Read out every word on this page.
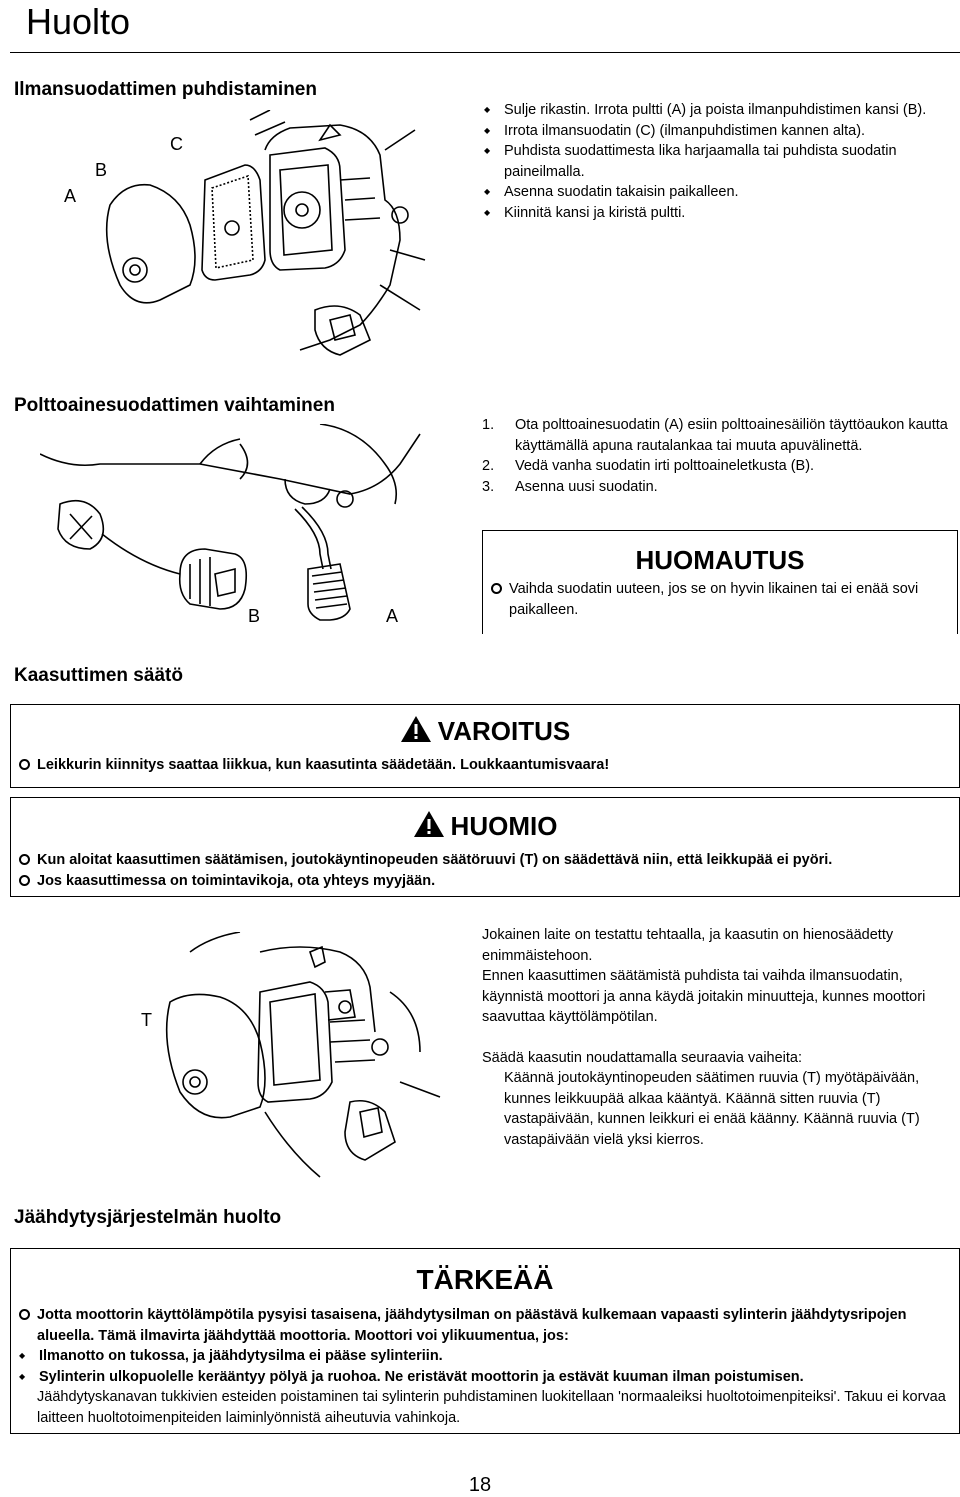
Huolto
Ilmansuodattimen puhdistaminen
A
B
C
◆ Sulje rikastin. Irrota pultti (A) ja poista ilmanpuhdistimen kansi (B).
◆ Irrota ilmansuodatin (C) (ilmanpuhdistimen kannen alta).
◆ Puhdista suodattimesta lika harjaamalla tai puhdista suodatin paineilmalla.
◆ Asenna suodatin takaisin paikalleen.
◆ Kiinnitä kansi ja kiristä pultti.
Polttoainesuodattimen vaihtaminen
B	A
1. Ota polttoainesuodatin (A) esiin polttoainesäiliön täyttöaukon kautta käyttämällä apuna rautalankaa tai muuta apuvälinettä.
2. Vedä vanha suodatin irti polttoaineletkusta (B).
3. Asenna uusi suodatin.
HUOMAUTUS
Vaihda suodatin uuteen, jos se on hyvin likainen tai ei enää sovi paikalleen.
Kaasuttimen säätö
VAROITUS
Leikkurin kiinnitys saattaa liikkua, kun kaasutinta säädetään. Loukkaantumisvaara!
HUOMIO
Kun aloitat kaasuttimen säätämisen, joutokäyntinopeuden säätöruuvi (T) on säädettävä niin, että leikkupää ei pyöri.
Jos kaasuttimessa on toimintavikoja, ota yhteys myyjään.
T
Jokainen laite on testattu tehtaalla, ja kaasutin on hienosäädetty enimmäistehoon.
Ennen kaasuttimen säätämistä puhdista tai vaihda ilmansuodatin, käynnistä moottori ja anna käydä joitakin minuutteja, kunnes moottori saavuttaa käyttölämpötilan.
Säädä kaasutin noudattamalla seuraavia vaiheita:
Käännä joutokäyntinopeuden säätimen ruuvia (T) myötäpäivään, kunnes leikkuupää alkaa kääntyä. Käännä sitten ruuvia (T) vastapäivään, kunnen leikkuri ei enää käänny. Käännä ruuvia (T) vastapäivään vielä yksi kierros.
Jäähdytysjärjestelmän huolto
TÄRKEÄÄ
Jotta moottorin käyttölämpötila pysyisi tasaisena, jäähdytysilman on päästävä kulkemaan vapaasti sylinterin jäähdytysripojen alueella. Tämä ilmavirta jäähdyttää moottoria. Moottori voi ylikuumentua, jos:
◆ Ilmanotto on tukossa, ja jäähdytysilma ei pääse sylinteriin.
◆ Sylinterin ulkopuolelle kerääntyy pölyä ja ruohoa. Ne eristävät moottorin ja estävät kuuman ilman poistumisen.
Jäähdytyskanavan tukkivien esteiden poistaminen tai sylinterin puhdistaminen luokitellaan 'normaaleiksi huoltotoimenpiteiksi'. Takuu ei korvaa laitteen huoltotoimenpiteiden laiminlyönnistä aiheutuvia vahinkoja.
18
